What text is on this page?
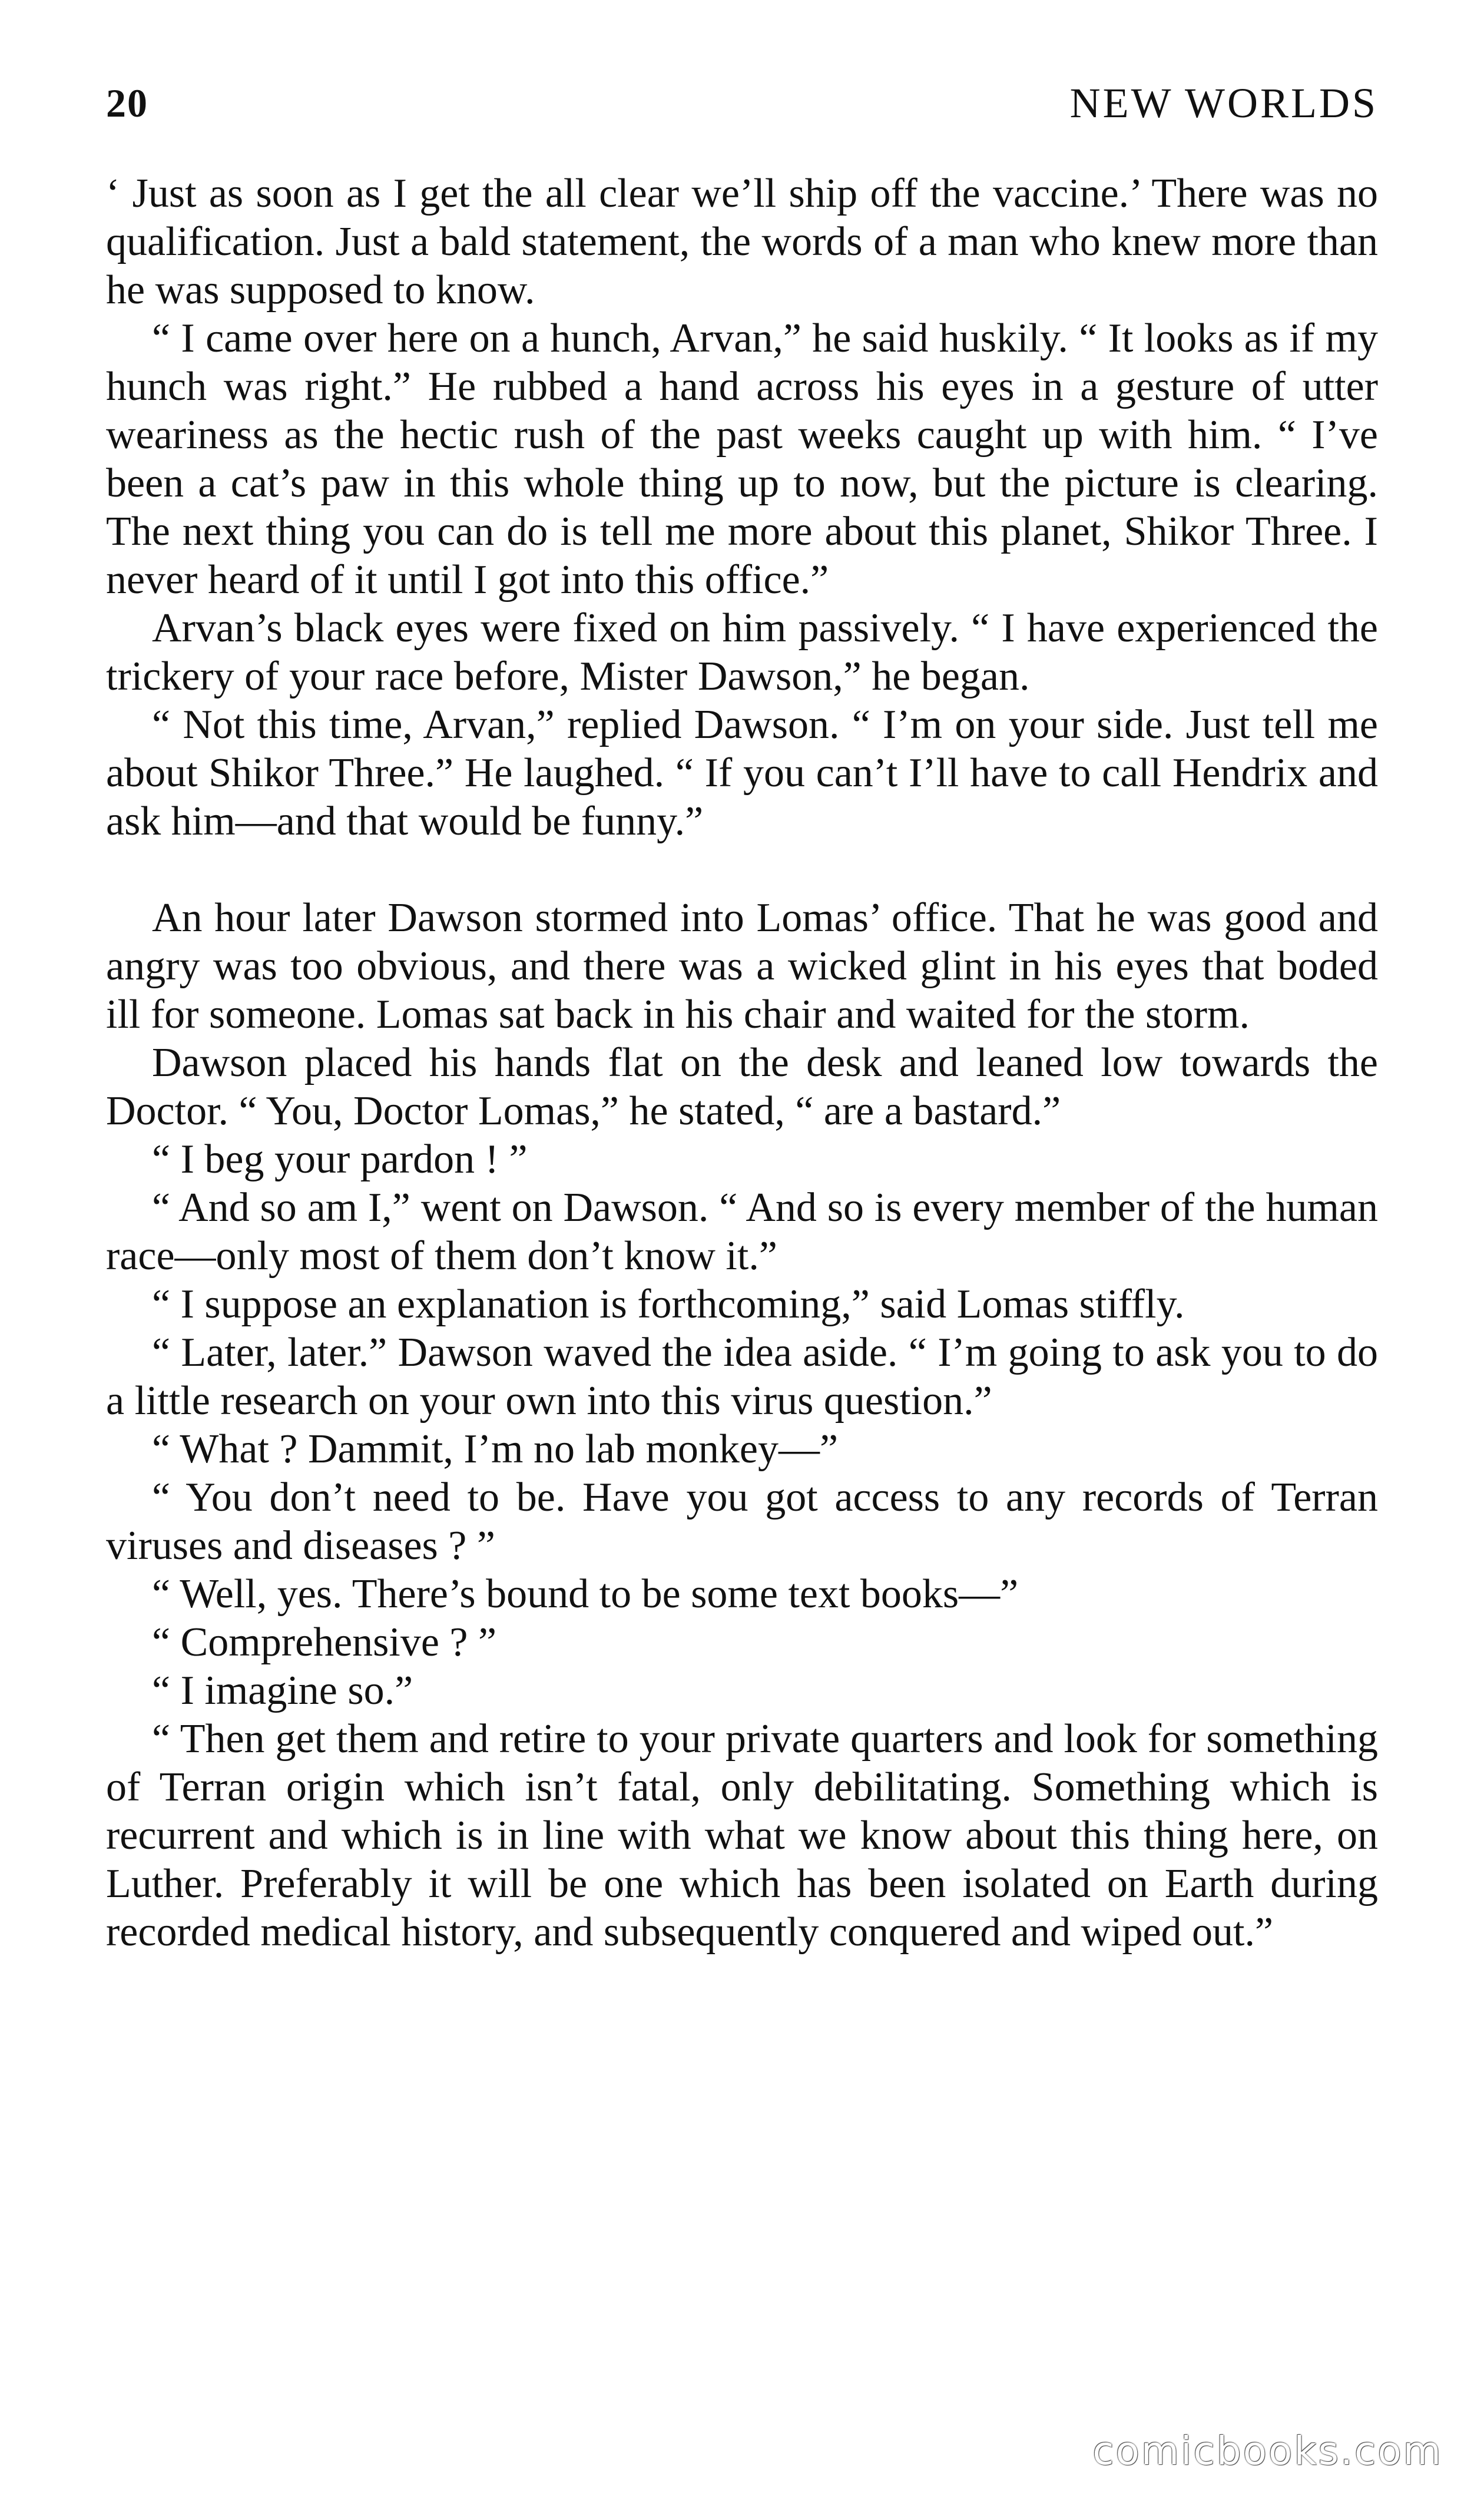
20	NEW WORLDS

‘ Just as soon as I get the all clear we’ll ship off the vaccine.’ There was no qualification. Just a bald statement, the words of a man who knew more than he was supposed to know.

“ I came over here on a hunch, Arvan,” he said huskily. “ It looks as if my hunch was right.” He rubbed a hand across his eyes in a gesture of utter weariness as the hectic rush of the past weeks caught up with him. “ I’ve been a cat’s paw in this whole thing up to now, but the picture is clearing. The next thing you can do is tell me more about this planet, Shikor Three. I never heard of it until I got into this office.”

Arvan’s black eyes were fixed on him passively. “ I have experienced the trickery of your race before, Mister Dawson,” he began.

“ Not this time, Arvan,” replied Dawson. “ I’m on your side. Just tell me about Shikor Three.” He laughed. “ If you can’t I’ll have to call Hendrix and ask him—and that would be funny.”

An hour later Dawson stormed into Lomas’ office. That he was good and angry was too obvious, and there was a wicked glint in his eyes that boded ill for someone. Lomas sat back in his chair and waited for the storm.

Dawson placed his hands flat on the desk and leaned low towards the Doctor. “ You, Doctor Lomas,” he stated, “ are a bastard.”

“ I beg your pardon ! ”

“ And so am I,” went on Dawson. “ And so is every member of the human race—only most of them don’t know it.”

“ I suppose an explanation is forthcoming,” said Lomas stiffly.

“ Later, later.” Dawson waved the idea aside. “ I’m going to ask you to do a little research on your own into this virus question.”

“ What ? Dammit, I’m no lab monkey—”

“ You don’t need to be. Have you got access to any records of Terran viruses and diseases ? ”

“ Well, yes. There’s bound to be some text books—”

“ Comprehensive ? ”

“ I imagine so.”

“ Then get them and retire to your private quarters and look for something of Terran origin which isn’t fatal, only debilitating. Something which is recurrent and which is in line with what we know about this thing here, on Luther. Preferably it will be one which has been isolated on Earth during recorded medical history, and subsequently conquered and wiped out.”

comicbooks.com
